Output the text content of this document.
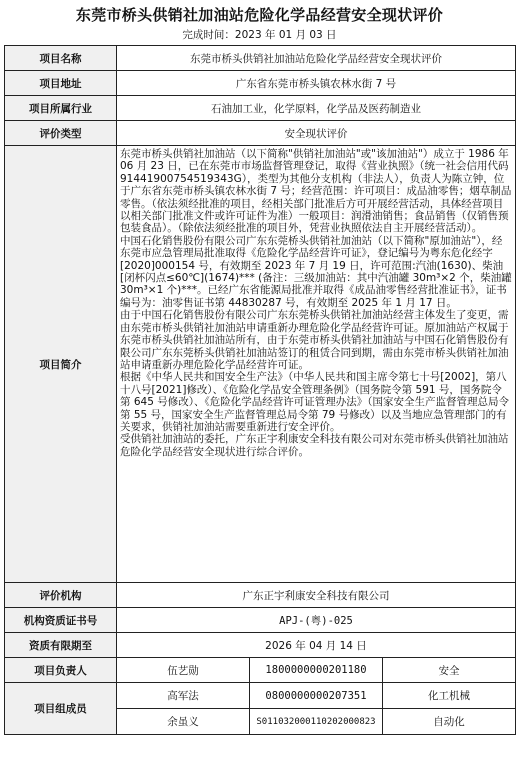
东莞市桥头供销社加油站危险化学品经营安全现状评价
完成时间：2023 年 01 月 03 日
项目名称	东莞市桥头供销社加油站危险化学品经营安全现状评价		
项目地址	广东省东莞市桥头镇农林水街 7 号		
项目所属行业	石油加工业，化学原料，化学品及医药制造业		
评价类型	安全现状评价		
项目简介	东莞市桥头供销社加油站（以下简称"供销社加油站"或"该加油站"）成立于 1986 年 06 月 23 日，已在东莞市市场监督管理登记，取得《营业执照》（统一社会信用代码 91441900754519343G），类型为其他分支机构（非法人），负责人为陈立钟，位于广东省东莞市桥头镇农林水街 7 号；经营范围：许可项目：成品油零售；烟草制品零售。（依法须经批准的项目，经相关部门批准后方可开展经营活动，具体经营项目以相关部门批准文件或许可证件为准）一般项目：润滑油销售；食品销售（仅销售预包装食品）。（除依法须经批准的项目外，凭营业执照依法自主开展经营活动）。

中国石化销售股份有限公司广东东莞桥头供销社加油站（以下简称"原加油站"），经东莞市应急管理局批准取得《危险化学品经营许可证》，登记编号为粤东危化经字[2020]000154 号，有效期至 2023 年 7 月 19 日，许可范围:汽油(1630)、柴油[闭杯闪点≤60℃](1674)*** (备注：三级加油站：其中汽油罐 30m³×2 个，柴油罐 30m³×1 个)***。已经广东省能源局批准并取得《成品油零售经营批准证书》，证书编号为：油零售证书第 44830287 号，有效期至 2025 年 1 月 17 日。

由于中国石化销售股份有限公司广东东莞桥头供销社加油站经营主体发生了变更，需由东莞市桥头供销社加油站申请重新办理危险化学品经营许可证。原加油站产权属于东莞市桥头供销社加油站所有，由于东莞市桥头供销社加油站与中国石化销售股份有限公司广东东莞桥头供销社加油站签订的租赁合同到期，需由东莞市桥头供销社加油站申请重新办理危险化学品经营许可证。

根据《中华人民共和国安全生产法》（中华人民共和国主席令第七十号[2002]，第八十八号[2021]修改）、《危险化学品安全管理条例》（国务院令第 591 号，国务院令第 645 号修改）、《危险化学品经营许可证管理办法》（国家安全生产监督管理总局令第 55 号，国家安全生产监督管理总局令第 79 号修改）以及当地应急管理部门的有关要求，供销社加油站需要重新进行安全评价。

受供销社加油站的委托，广东正宇利康安全科技有限公司对东莞市桥头供销社加油站危险化学品经营安全现状进行综合评价。		

评价机构	广东正宇利康安全科技有限公司		
机构资质证书号	APJ-(粤)-025		
资质有限期至	2026 年 04 月 14 日		
项目负责人	伍艺勋	1800000000201180	安全
项目组成员	高军法	0800000000207351	化工机械
	余虽义	S011032000110202000823	自动化
